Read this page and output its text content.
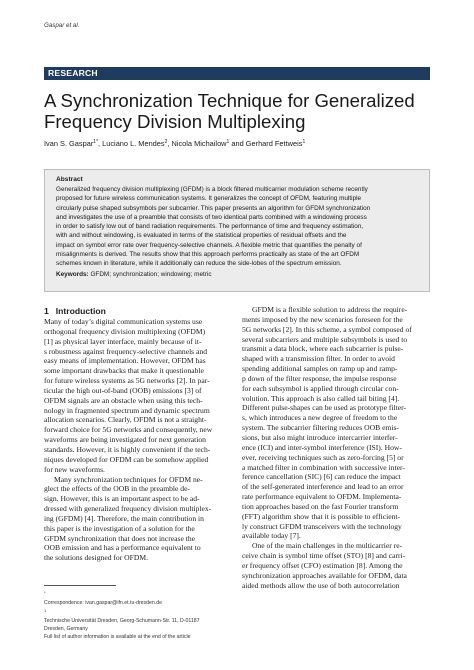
Gaspar et al.
RESEARCH
A Synchronization Technique for Generalized
Frequency Division Multiplexing
Ivan S. Gaspar$^{1*}$, Luciano L. Mendes$^2$, Nicola Michailow$^1$ and Gerhard Fettweis$^1$
Abstract
Generalized frequency division multiplexing (GFDM) is a block filtered multicarrier modulation scheme recently
proposed for future wireless communication systems. It generalizes the concept of OFDM, featuring multiple
circularly pulse shaped subsymbols per subcarrier. This paper presents an algorithm for GFDM synchronization
and investigates the use of a preamble that consists of two identical parts combined with a windowing process
in order to satisfy low out of band radiation requirements. The performance of time and frequency estimation,
with and without windowing, is evaluated in terms of the statistical properties of residual offsets and the
impact on symbol error rate over frequency-selective channels. A flexible metric that quantifies the penalty of
misalignments is derived. The results show that this approach performs practically as state of the art OFDM
schemes known in literature, while it additionally can reduce the side-lobes of the spectrum emission.
Keywords: GFDM; synchronization; windowing; metric
1 Introduction
Many of today’s digital communication systems use
orthogonal frequency division multiplexing (OFDM)
[1] as physical layer interface, mainly because of it-
s robustness against frequency-selective channels and
easy means of implementation. However, OFDM has
some important drawbacks that make it questionable
for future wireless systems as 5G networks [2]. In par-
ticular the high out-of-band (OOB) emissions [3] of
OFDM signals are an obstacle when using this tech-
nology in fragmented spectrum and dynamic spectrum
allocation scenarios. Clearly, OFDM is not a straight-
forward choice for 5G networks and consequently, new
waveforms are being investigated for next generation
standards. However, it is highly convenient if the tech-
niques developed for OFDM can be somehow applied
for new waveforms.
Many synchronization techniques for OFDM ne-
glect the effects of the OOB in the preamble de-
sign. However, this is an important aspect to be ad-
dressed with generalized frequency division multiplex-
ing (GFDM) [4]. Therefore, the main contribution in
this paper is the investigation of a solution for the
GFDM synchronization that does not increase the
OOB emission and has a performance equivalent to
the solutions designed for OFDM.
GFDM is a flexible solution to address the require-
ments imposed by the new scenarios foreseen for the
5G networks [2]. In this scheme, a symbol composed of
several subcarriers and multiple subsymbols is used to
transmit a data block, where each subcarrier is pulse-
shaped with a transmission filter. In order to avoid
spending additional samples on ramp up and ramp-
p down of the filter response, the impulse response
for each subsymbol is applied through circular con-
volution. This approach is also called tail biting [4].
Different pulse-shapes can be used as prototype filter-
s, which introduces a new degree of freedom to the
system. The subcarrier filtering reduces OOB emis-
sions, but also might introduce intercarrier interfer-
ence (ICI) and inter-symbol interference (ISI). How-
ever, receiving techniques such as zero-forcing [5] or
a matched filter in combination with successive inter-
ference cancellation (SIC) [6] can reduce the impact
of the self-generated interference and lead to an error
rate performance equivalent to OFDM. Implementa-
tion approaches based on the fast Fourier transform
(FFT) algorithm show that it is possible to efficient-
ly construct GFDM transceivers with the technology
available today [7].
One of the main challenges in the multicarrier re-
ceive chain is symbol time offset (STO) [8] and carri-
er frequency offset (CFO) estimation [8]. Among the
synchronization approaches available for OFDM, data
aided methods allow the use of both autocorrelation
*
Correspondence: ivan.gaspar@ifn.et.tu-dresden.de
$^1$
Technische Universität Dresden, Georg-Schumann-Str. 11, D-01187
Dresden, Germany
Full list of author information is available at the end of the article
